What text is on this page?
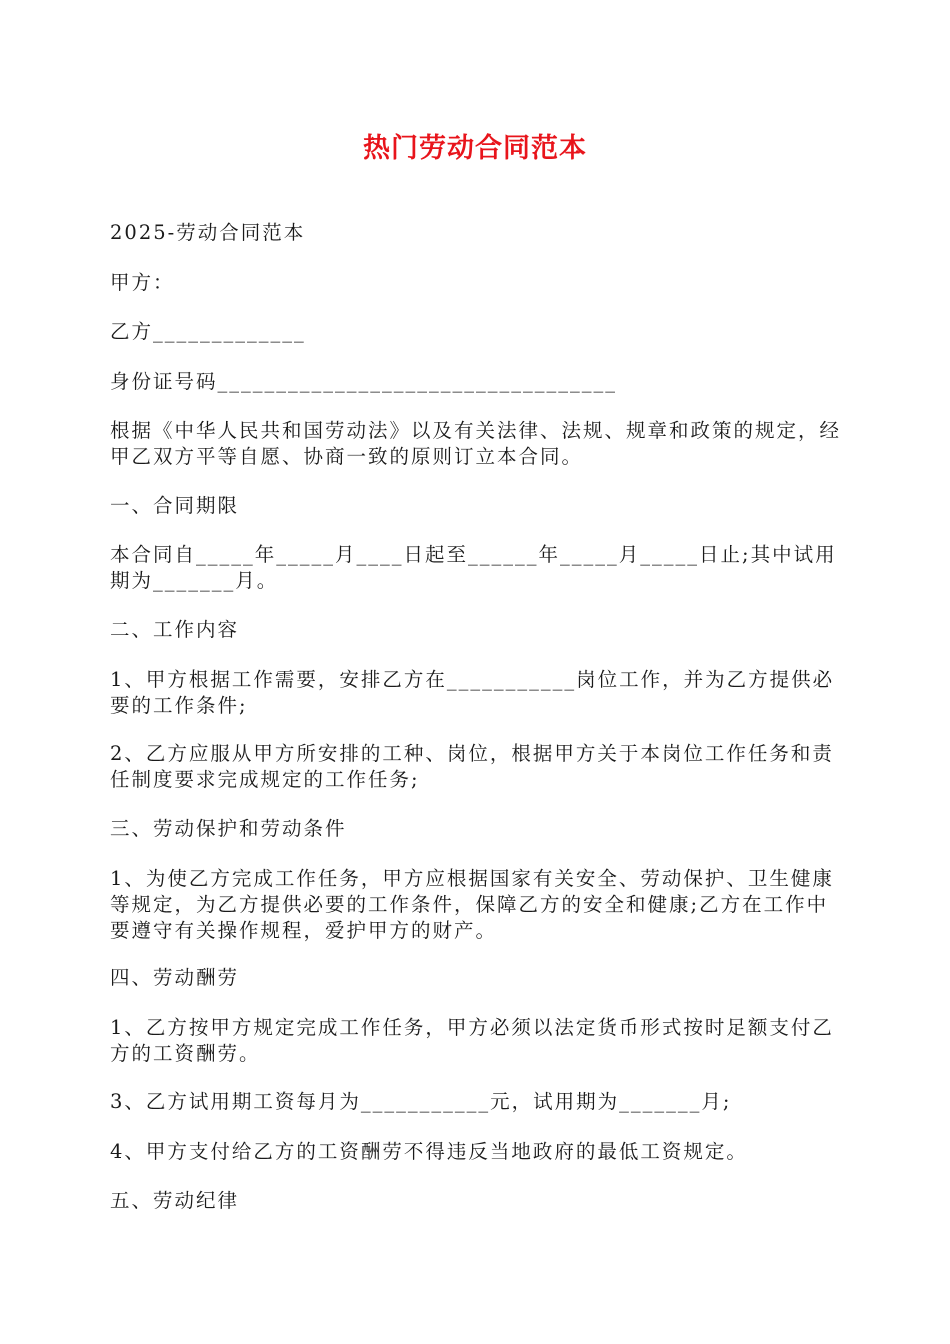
热门劳动合同范本
2025-劳动合同范本
甲方：
乙方_____________
身份证号码__________________________________
根据《中华人民共和国劳动法》以及有关法律、法规、规章和政策的规定，经甲乙双方平等自愿、协商一致的原则订立本合同。
一、合同期限
本合同自_____年_____月____日起至______年_____月_____日止;其中试用期为_______月。
二、工作内容
1、甲方根据工作需要，安排乙方在___________岗位工作，并为乙方提供必要的工作条件;
2、乙方应服从甲方所安排的工种、岗位，根据甲方关于本岗位工作任务和责任制度要求完成规定的工作任务;
三、劳动保护和劳动条件
1、为使乙方完成工作任务，甲方应根据国家有关安全、劳动保护、卫生健康等规定，为乙方提供必要的工作条件，保障乙方的安全和健康;乙方在工作中要遵守有关操作规程，爱护甲方的财产。
四、劳动酬劳
1、乙方按甲方规定完成工作任务，甲方必须以法定货币形式按时足额支付乙方的工资酬劳。
3、乙方试用期工资每月为___________元，试用期为_______月;
4、甲方支付给乙方的工资酬劳不得违反当地政府的最低工资规定。
五、劳动纪律
